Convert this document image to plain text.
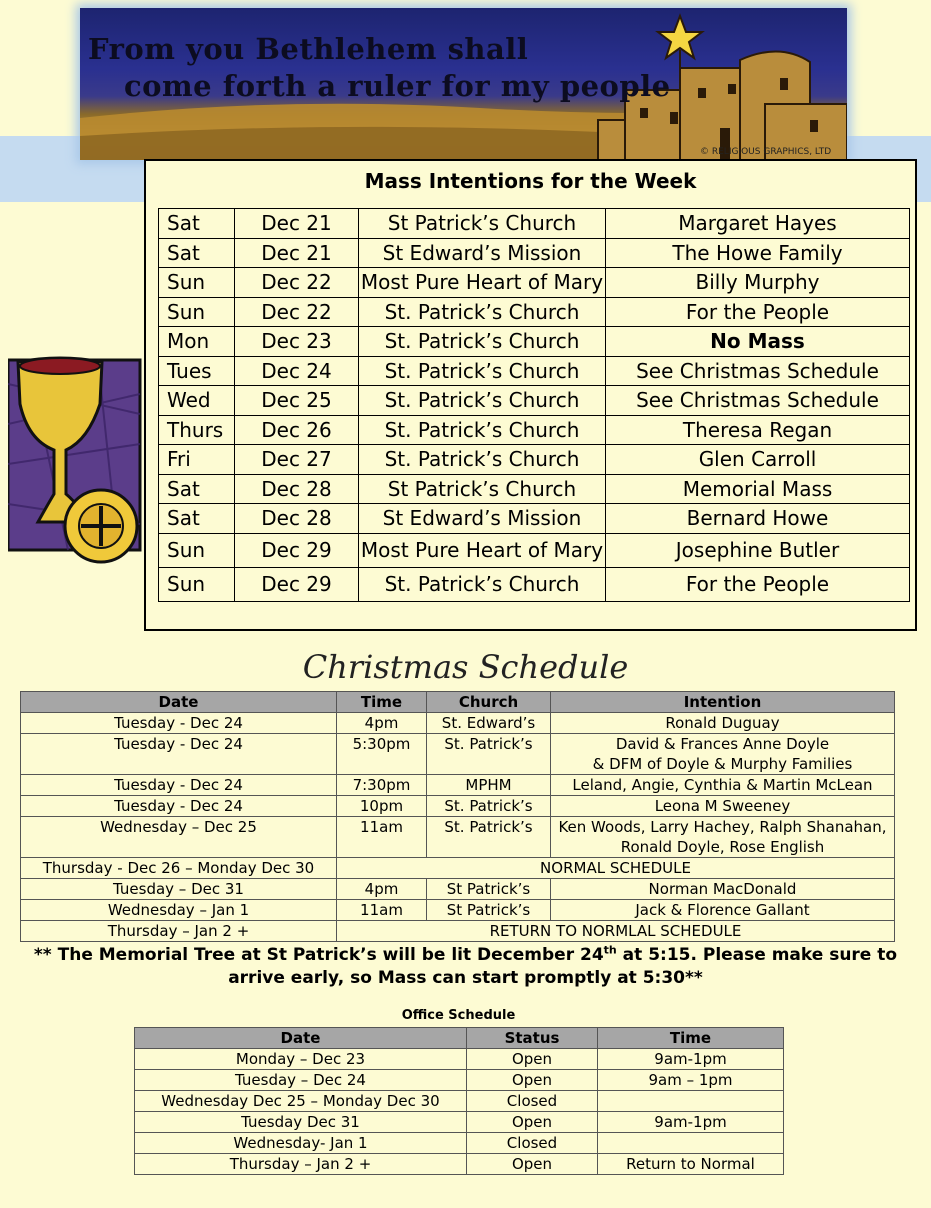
From you Bethlehem shall
come forth a ruler for my people
© RELIGIOUS GRAPHICS, LTD
Mass Intentions for the Week
Sat	Dec 21	St Patrick’s Church	Margaret Hayes
Sat	Dec 21	St Edward’s Mission	The Howe Family
Sun	Dec 22	Most Pure Heart of Mary	Billy Murphy
Sun	Dec 22	St. Patrick’s Church	For the People
Mon	Dec 23	St. Patrick’s Church	No Mass
Tues	Dec 24	St. Patrick’s Church	See Christmas Schedule
Wed	Dec 25	St. Patrick’s Church	See Christmas Schedule
Thurs	Dec 26	St. Patrick’s Church	Theresa Regan
Fri	Dec 27	St. Patrick’s Church	Glen Carroll
Sat	Dec 28	St Patrick’s Church	Memorial Mass
Sat	Dec 28	St Edward’s Mission	Bernard Howe
Sun	Dec 29	Most Pure Heart of Mary	Josephine Butler
Sun	Dec 29	St. Patrick’s Church	For the People
Christmas Schedule
Date	Time	Church	Intention
Tuesday - Dec 24	4pm	St. Edward’s	Ronald Duguay
Tuesday - Dec 24	5:30pm	St. Patrick’s	David & Frances Anne Doyle
& DFM of Doyle & Murphy Families

Tuesday - Dec 24	7:30pm	MPHM	Leland, Angie, Cynthia & Martin McLean
Tuesday - Dec 24	10pm	St. Patrick’s	Leona M Sweeney
Wednesday – Dec 25	11am	St. Patrick’s	Ken Woods, Larry Hachey, Ralph Shanahan,
Ronald Doyle, Rose English

Thursday - Dec 26 – Monday Dec 30	NORMAL SCHEDULE		
Tuesday – Dec 31	4pm	St Patrick’s	Norman MacDonald
Wednesday – Jan 1	11am	St Patrick’s	Jack & Florence Gallant
Thursday – Jan 2 +	RETURN TO NORMLAL SCHEDULE		
** The Memorial Tree at St Patrick’s will be lit December 24th at 5:15. Please make sure to arrive early, so Mass can start promptly at 5:30**
Office Schedule
Date	Status	Time
Monday – Dec 23	Open	9am-1pm
Tuesday – Dec 24	Open	9am – 1pm
Wednesday Dec 25 – Monday Dec 30	Closed	
Tuesday Dec 31	Open	9am-1pm
Wednesday- Jan 1	Closed	
Thursday – Jan 2 +	Open	Return to Normal
